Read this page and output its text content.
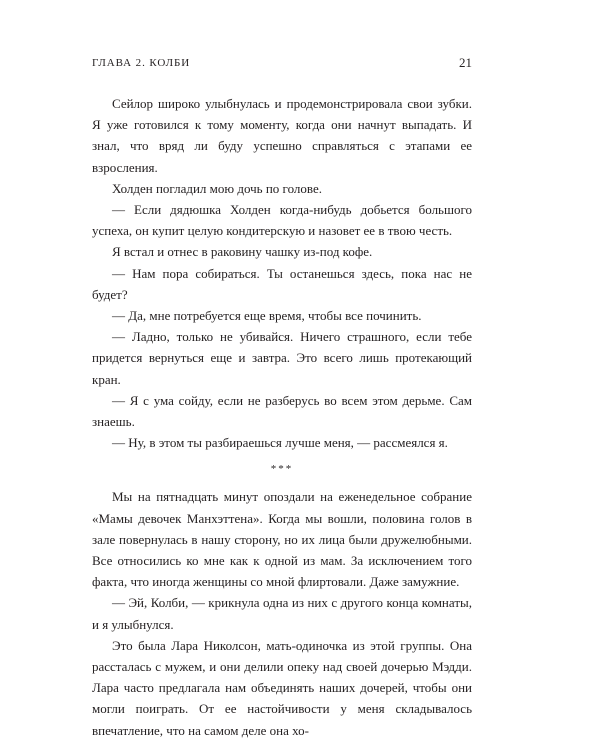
ГЛАВА 2. КОЛБИ	21

Сейлор широко улыбнулась и продемонстрировала свои зубки. Я уже готовился к тому моменту, когда они начнут выпадать. И знал, что вряд ли буду успешно справляться с этапами ее взросления.

Холден погладил мою дочь по голове.

— Если дядюшка Холден когда-нибудь добьется большого успеха, он купит целую кондитерскую и назовет ее в твою честь.

Я встал и отнес в раковину чашку из-под кофе.

— Нам пора собираться. Ты останешься здесь, пока нас не будет?

— Да, мне потребуется еще время, чтобы все починить.

— Ладно, только не убивайся. Ничего страшного, если тебе придется вернуться еще и завтра. Это всего лишь протекающий кран.

— Я с ума сойду, если не разберусь во всем этом дерьме. Сам знаешь.

— Ну, в этом ты разбираешься лучше меня, — рассмеялся я.

***

Мы на пятнадцать минут опоздали на еженедельное собрание «Мамы девочек Манхэттена». Когда мы вошли, половина голов в зале повернулась в нашу сторону, но их лица были дружелюбными. Все относились ко мне как к одной из мам. За исключением того факта, что иногда женщины со мной флиртовали. Даже замужние.

— Эй, Колби, — крикнула одна из них с другого конца комнаты, и я улыбнулся.

Это была Лара Николсон, мать-одиночка из этой группы. Она рассталась с мужем, и они делили опеку над своей дочерью Мэдди. Лара часто предлагала нам объединять наших дочерей, чтобы они могли поиграть. От ее настойчивости у меня складывалось впечатление, что на самом деле она хо-
